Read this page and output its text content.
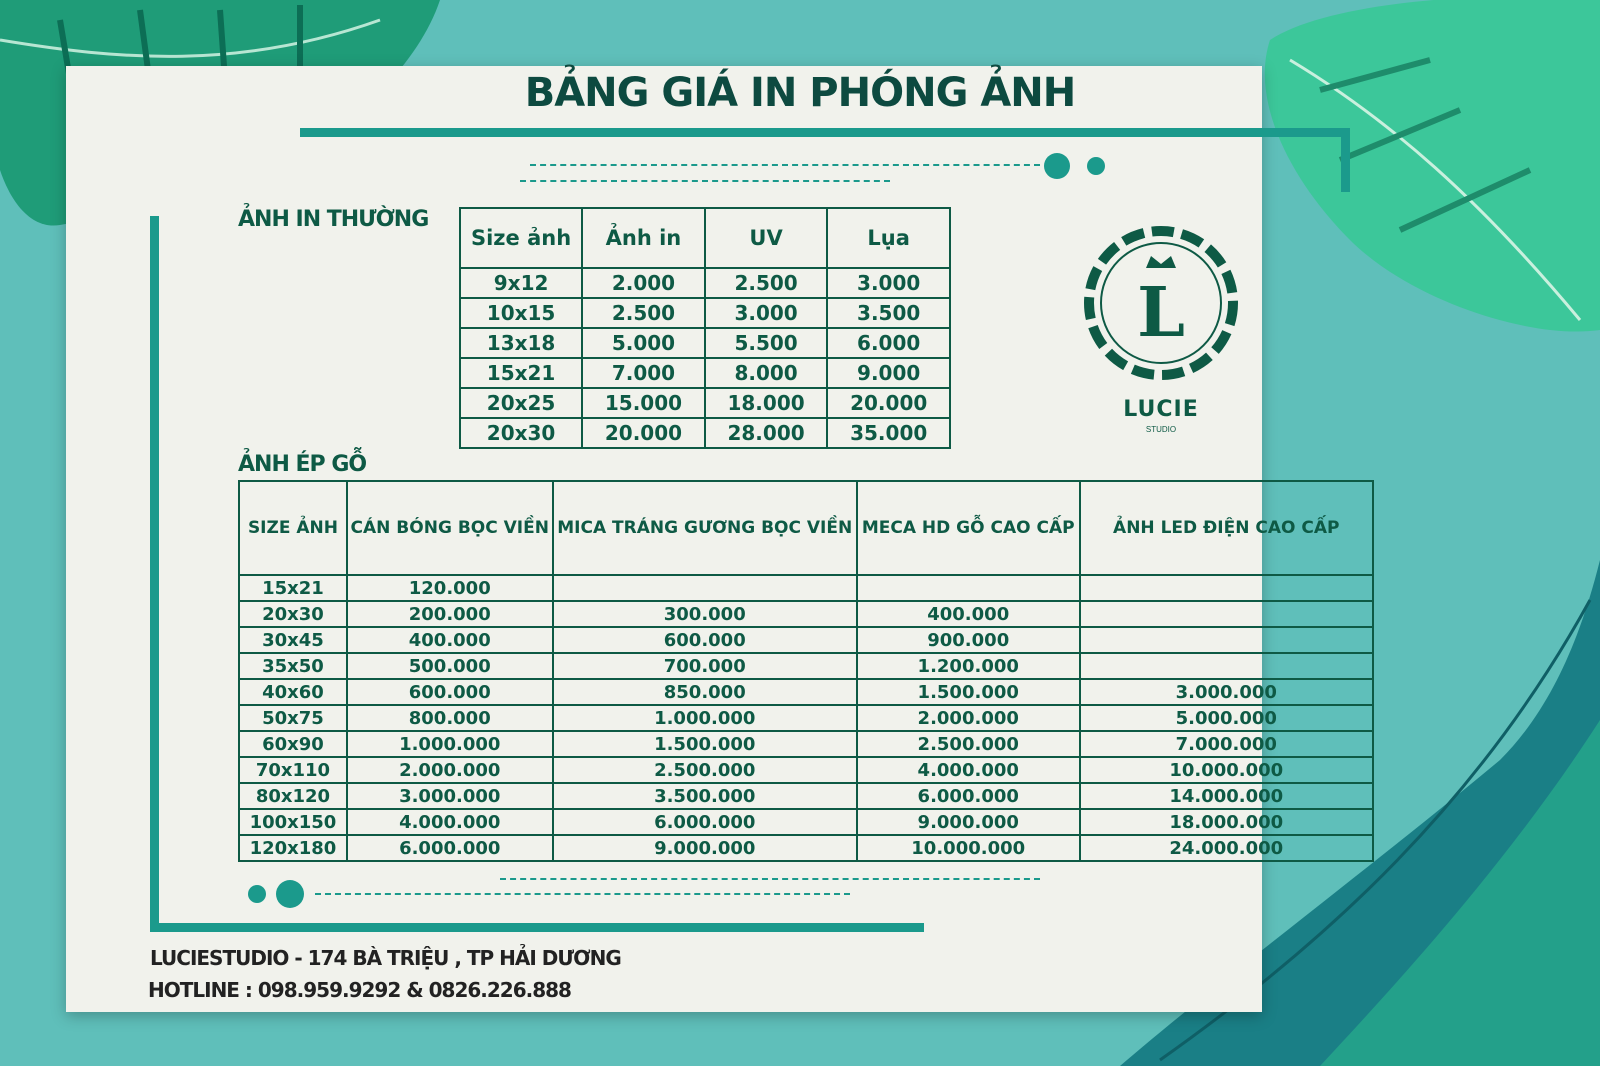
BẢNG GIÁ IN PHÓNG ẢNH
ẢNH IN THƯỜNG
Size ảnh	Ảnh in	UV	Lụa
9x12	2.000	2.500	3.000
10x15	2.500	3.000	3.500
13x18	5.000	5.500	6.000
15x21	7.000	8.000	9.000
20x25	15.000	18.000	20.000
20x30	20.000	28.000	35.000
L
LUCIE
STUDIO
ẢNH ÉP GỖ
SIZE ẢNH	CÁN BÓNG BỌC VIỀN	MICA TRÁNG GƯƠNG BỌC VIỀN	MECA HD GỖ CAO CẤP	ẢNH LED ĐIỆN CAO CẤP
15x21	120.000			
20x30	200.000	300.000	400.000	
30x45	400.000	600.000	900.000	
35x50	500.000	700.000	1.200.000	
40x60	600.000	850.000	1.500.000	3.000.000
50x75	800.000	1.000.000	2.000.000	5.000.000
60x90	1.000.000	1.500.000	2.500.000	7.000.000
70x110	2.000.000	2.500.000	4.000.000	10.000.000
80x120	3.000.000	3.500.000	6.000.000	14.000.000
100x150	4.000.000	6.000.000	9.000.000	18.000.000
120x180	6.000.000	9.000.000	10.000.000	24.000.000
LUCIESTUDIO - 174 BÀ TRIỆU , TP HẢI DƯƠNG
HOTLINE : 098.959.9292 & 0826.226.888
